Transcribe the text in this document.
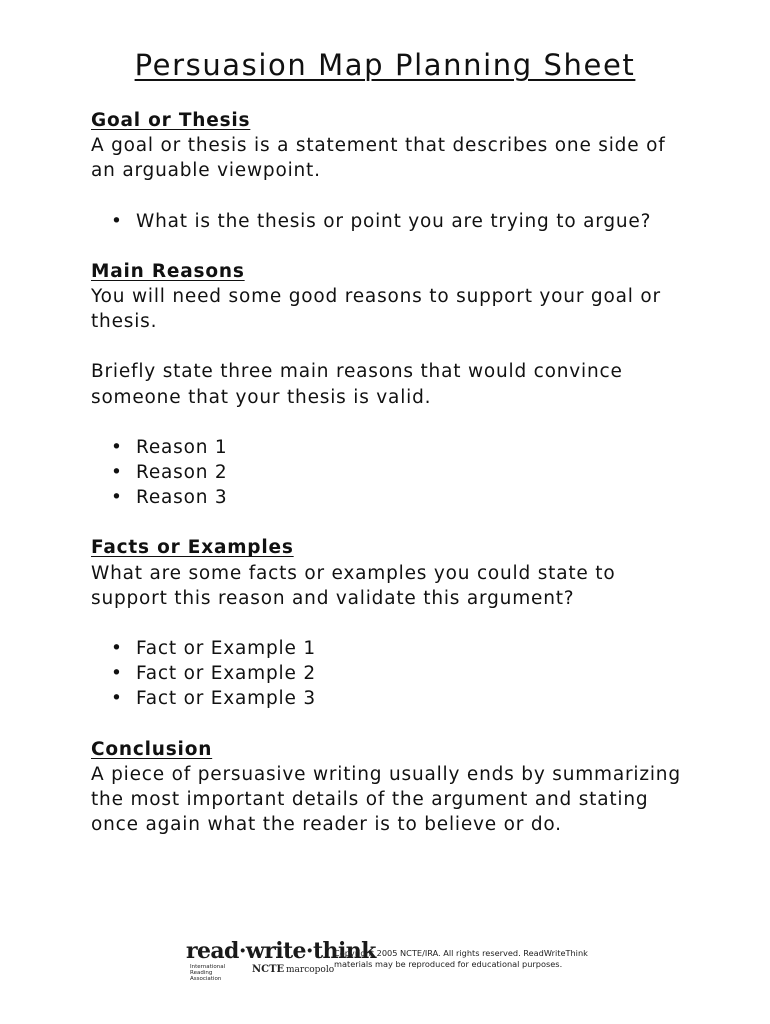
Persuasion Map Planning Sheet

Goal or Thesis

A goal or thesis is a statement that describes one side of an arguable viewpoint.

• What is the thesis or point you are trying to argue?

Main Reasons

You will need some good reasons to support your goal or thesis.

Briefly state three main reasons that would convince someone that your thesis is valid.

• Reason 1
• Reason 2
• Reason 3

Facts or Examples

What are some facts or examples you could state to support this reason and validate this argument?

• Fact or Example 1
• Fact or Example 2
• Fact or Example 3

Conclusion

A piece of persuasive writing usually ends by summarizing the most important details of the argument and stating once again what the reader is to believe or do.

read·write·think
International Reading Association
NCTE marcopolo
Copyright 2005 NCTE/IRA. All rights reserved. ReadWriteThink materials may be reproduced for educational purposes.
